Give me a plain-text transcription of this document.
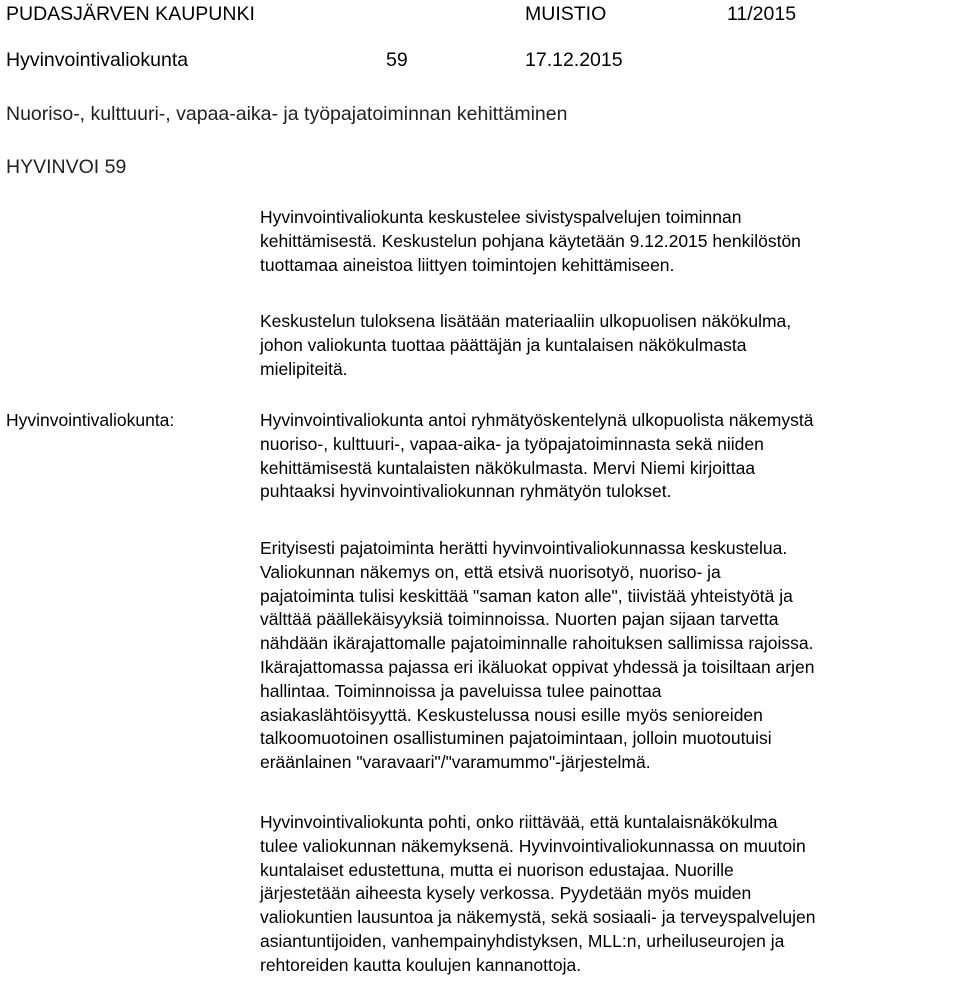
PUDASJÄRVEN KAUPUNKI	MUISTIO	11/2015
Hyvinvointivaliokunta	59	17.12.2015
Nuoriso-, kulttuuri-, vapaa-aika- ja työpajatoiminnan kehittäminen
HYVINVOI 59
Hyvinvointivaliokunta keskustelee sivistyspalvelujen toiminnan
kehittämisestä. Keskustelun pohjana käytetään 9.12.2015 henkilöstön
tuottamaa aineistoa liittyen toimintojen kehittämiseen.
Keskustelun tuloksena lisätään materiaaliin ulkopuolisen näkökulma,
johon valiokunta tuottaa päättäjän ja kuntalaisen näkökulmasta
mielipiteitä.
Hyvinvointivaliokunta:	Hyvinvointivaliokunta antoi ryhmätyöskentelynä ulkopuolista näkemystä
nuoriso-, kulttuuri-, vapaa-aika- ja työpajatoiminnasta sekä niiden
kehittämisestä kuntalaisten näkökulmasta. Mervi Niemi kirjoittaa
puhtaaksi hyvinvointivaliokunnan ryhmätyön tulokset.
Erityisesti pajatoiminta herätti hyvinvointivaliokunnassa keskustelua.
Valiokunnan näkemys on, että etsivä nuorisotyö, nuoriso- ja
pajatoiminta tulisi keskittää "saman katon alle", tiivistää yhteistyötä ja
välttää päällekäisyyksiä toiminnoissa. Nuorten pajan sijaan tarvetta
nähdään ikärajattomalle pajatoiminnalle rahoituksen sallimissa rajoissa.
Ikärajattomassa pajassa eri ikäluokat oppivat yhdessä ja toisiltaan arjen
hallintaa. Toiminnoissa ja paveluissa tulee painottaa
asiakaslähtöisyyttä. Keskustelussa nousi esille myös senioreiden
talkoomuotoinen osallistuminen pajatoimintaan, jolloin muotoutuisi
eräänlainen "varavaari"/"varamummo"-järjestelmä.
Hyvinvointivaliokunta pohti, onko riittävää, että kuntalaisnäkökulma
tulee valiokunnan näkemyksenä. Hyvinvointivaliokunnassa on muutoin
kuntalaiset edustettuna, mutta ei nuorison edustajaa. Nuorille
järjestetään aiheesta kysely verkossa. Pyydetään myös muiden
valiokuntien lausuntoa ja näkemystä, sekä sosiaali- ja terveyspalvelujen
asiantuntijoiden, vanhempainyhdistyksen, MLL:n, urheiluseurojen ja
rehtoreiden kautta koulujen kannanottoja.
